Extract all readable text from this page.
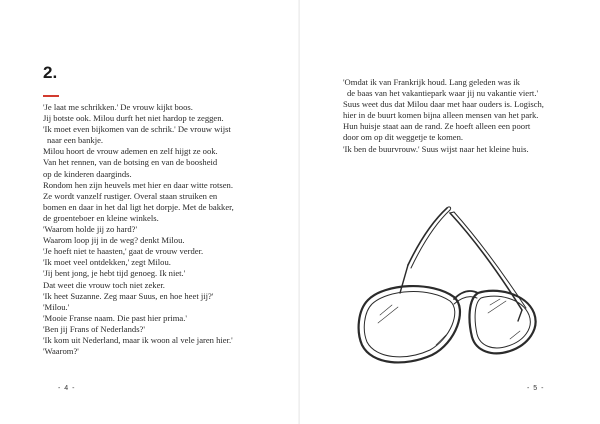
2.
'Je laat me schrikken.' De vrouw kijkt boos.
Jij botste ook. Milou durft het niet hardop te zeggen.
'Ik moet even bijkomen van de schrik.' De vrouw wijst
naar een bankje.
Milou hoort de vrouw ademen en zelf hijgt ze ook.
Van het rennen, van de botsing en van de boosheid
op de kinderen daarginds.
Rondom hen zijn heuvels met hier en daar witte rotsen.
Ze wordt vanzelf rustiger. Overal staan struiken en
bomen en daar in het dal ligt het dorpje. Met de bakker,
de groenteboer en kleine winkels.
'Waarom holde jij zo hard?'
Waarom loop jij in de weg? denkt Milou.
'Je hoeft niet te haasten,' gaat de vrouw verder.
'Ik moet veel ontdekken,' zegt Milou.
'Jij bent jong, je hebt tijd genoeg. Ik niet.'
Dat weet die vrouw toch niet zeker.
'Ik heet Suzanne. Zeg maar Suus, en hoe heet jij?'
'Milou.'
'Mooie Franse naam. Die past hier prima.'
'Ben jij Frans of Nederlands?'
'Ik kom uit Nederland, maar ik woon al vele jaren hier.'
'Waarom?'
- 4 -
'Omdat ik van Frankrijk houd. Lang geleden was ik
de baas van het vakantiepark waar jij nu vakantie viert.'
Suus weet dus dat Milou daar met haar ouders is. Logisch,
hier in de buurt komen bijna alleen mensen van het park.
Hun huisje staat aan de rand. Ze hoeft alleen een poort
door om op dit weggetje te komen.
'Ik ben de buurvrouw.' Suus wijst naar het kleine huis.
- 5 -
